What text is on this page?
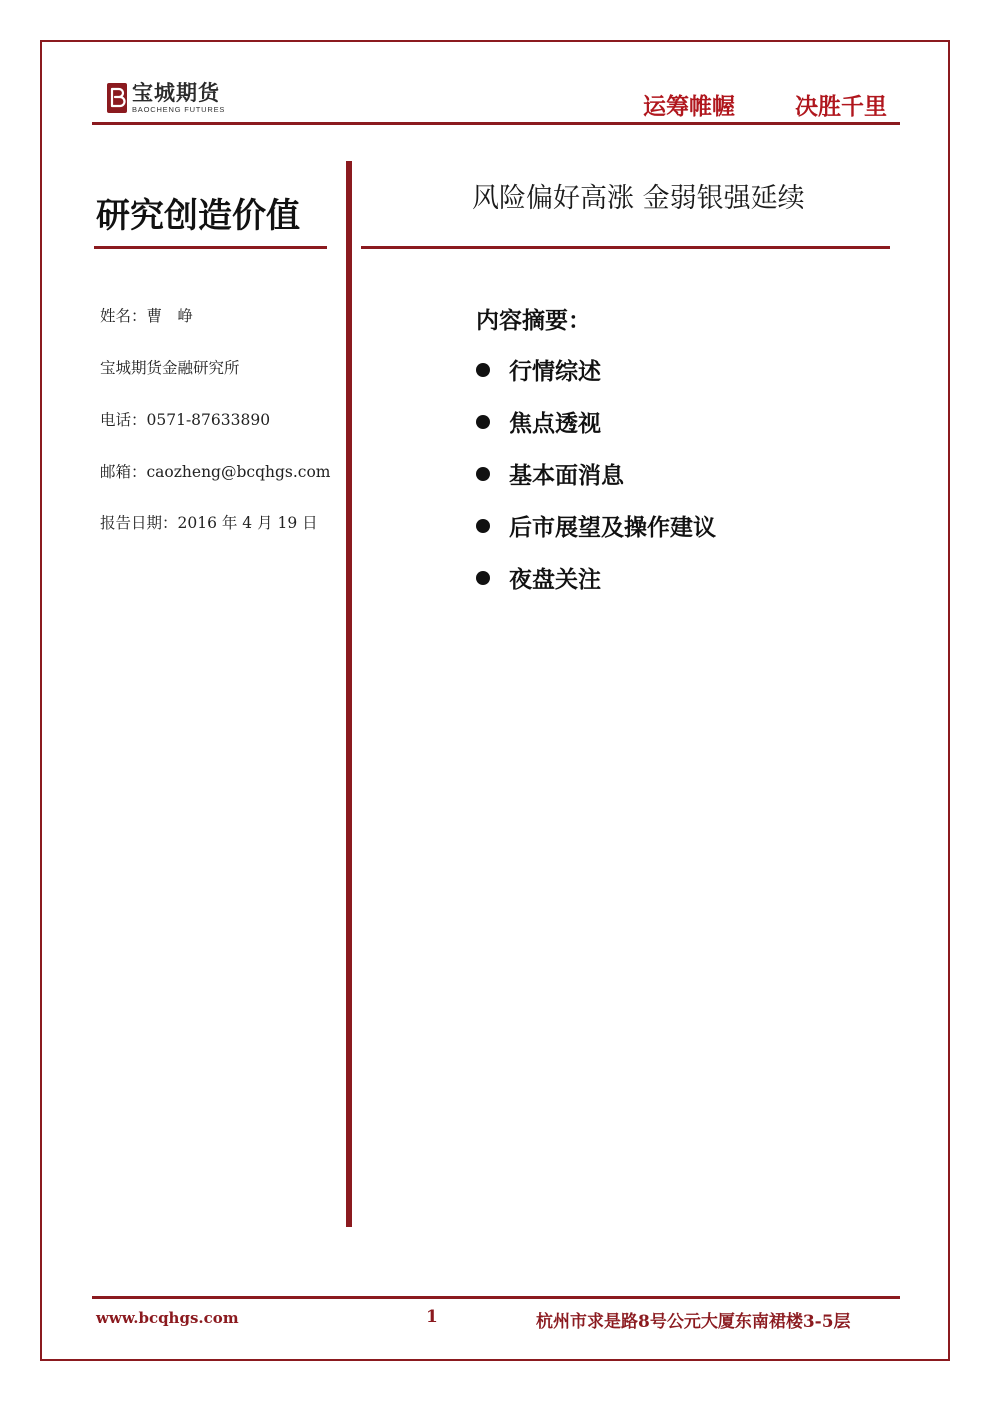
宝城期货
BAOCHENG FUTURES	运筹帷幄	决胜千里
研究创造价值
姓名：曹　峥
宝城期货金融研究所
电话：0571-87633890
邮箱：caozheng@bcqhgs.com
报告日期：2016 年 4 月 19 日
风险偏好高涨 金弱银强延续
内容摘要：
行情综述
焦点透视
基本面消息
后市展望及操作建议
夜盘关注
www.bcqhgs.com	1	杭州市求是路8号公元大厦东南裙楼3-5层
